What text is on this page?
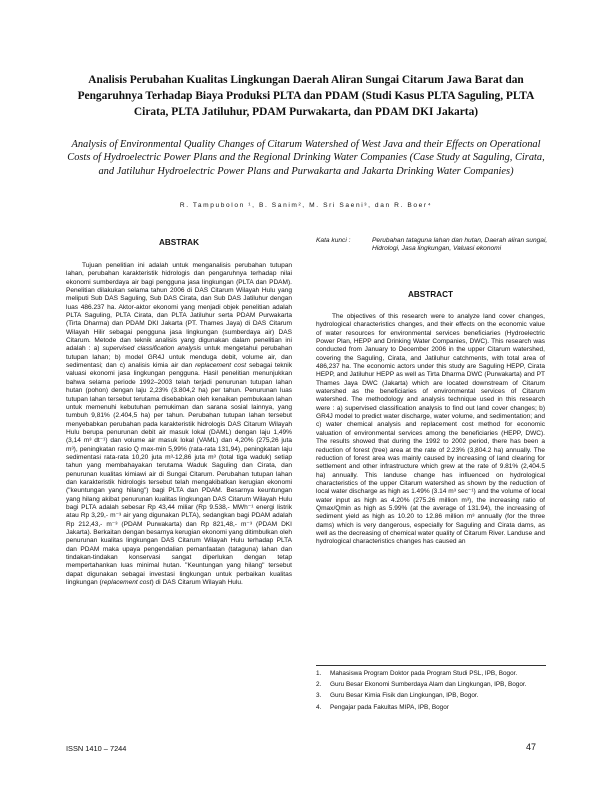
Analisis Perubahan Kualitas Lingkungan Daerah Aliran Sungai Citarum Jawa Barat dan Pengaruhnya Terhadap Biaya Produksi PLTA dan PDAM (Studi Kasus PLTA Saguling, PLTA Cirata, PLTA Jatiluhur, PDAM Purwakarta, dan PDAM DKI Jakarta)
Analysis of Environmental Quality Changes of Citarum Watershed of West Java and their Effects on Operational Costs of Hydroelectric Power Plans and the Regional Drinking Water Companies (Case Study at Saguling, Cirata, and Jatiluhur Hydroelectric Power Plans and Purwakarta and Jakarta Drinking Water Companies)
R. Tampubolon ¹, B. Sanim², M. Sri Saeni³, dan R. Boer⁴
ABSTRAK

Tujuan penelitian ini adalah untuk menganalisis perubahan tutupan lahan, perubahan karakteristik hidrologis dan pengaruhnya terhadap nilai ekonomi sumberdaya air bagi pengguna jasa lingkungan (PLTA dan PDAM). Penelitian dilakukan selama tahun 2006 di DAS Citarum Wilayah Hulu yang meliputi Sub DAS Saguling, Sub DAS Cirata, dan Sub DAS Jatiluhur dengan luas 486.237 ha. Aktor-aktor ekonomi yang menjadi objek penelitian adalah PLTA Saguling, PLTA Cirata, dan PLTA Jatiluhur serta PDAM Purwakarta (Tirta Dharma) dan PDAM DKI Jakarta (PT. Thames Jaya) di DAS Citarum Wilayah Hilir sebagai pengguna jasa lingkungan (sumberdaya air) DAS Citarum. Metode dan teknik analisis yang digunakan dalam penelitian ini adalah : a) supervised classification analysis untuk mengetahui perubahan tutupan lahan; b) model GR4J untuk menduga debit, volume air, dan sedimentasi; dan c) analisis kimia air dan replacement cost sebagai teknik valuasi ekonomi jasa lingkungan pengguna. Hasil penelitian menunjukkan bahwa selama periode 1992–2003 telah terjadi penurunan tutupan lahan hutan (pohon) dengan laju 2,23% (3.804,2 ha) per tahun. Penurunan luas tutupan lahan tersebut terutama disebabkan oleh kenaikan pembukaan lahan untuk memenuhi kebutuhan pemukiman dan sarana sosial lainnya, yang tumbuh 9,81% (2.404,5 ha) per tahun. Perubahan tutupan lahan tersebut menyebabkan perubahan pada karakteristik hidrologis DAS Citarum Wilayah Hulu berupa penurunan debit air masuk lokal (DAML) dengan laju 1,49% (3,14 m³ dt⁻¹) dan volume air masuk lokal (VAML) dan 4,20% (275,26 juta m³), peningkatan rasio Q max-min 5,99% (rata-rata 131,94), peningkatan laju sedimentasi rata-rata 10,20 juta m³-12,86 juta m³ (total tiga waduk) setiap tahun yang membahayakan terutama Waduk Saguling dan Cirata, dan penurunan kualitas kimiawi air di Sungai Citarum. Perubahan tutupan lahan dan karakteristik hidrologis tersebut telah mengakibatkan kerugian ekonomi ("keuntungan yang hilang") bagi PLTA dan PDAM. Besarnya keuntungan yang hilang akibat penurunan kualitas lingkungan DAS Citarum Wilayah Hulu bagi PLTA adalah sebesar Rp 43,44 miliar (Rp 9.538,- MWh⁻¹ energi listrik atau Rp 3,29,- m⁻³ air yang digunakan PLTA), sedangkan bagi PDAM adalah Rp 212,43,- m⁻³ (PDAM Purwakarta) dan Rp 821,48,- m⁻³ (PDAM DKI Jakarta). Berkaitan dengan besarnya kerugian ekonomi yang ditimbulkan oleh penurunan kualitas lingkungan DAS Citarum Wilayah Hulu terhadap PLTA dan PDAM maka upaya pengendalian pemanfaatan (tataguna) lahan dan tindakan-tindakan konservasi sangat diperlukan dengan tetap mempertahankan luas minimal hutan. "Keuntungan yang hilang" tersebut dapat digunakan sebagai investasi lingkungan untuk perbaikan kualitas lingkungan (replacement cost) di DAS Citarum Wilayah Hulu.

Kata kunci :	Perubahan tataguna lahan dan hutan, Daerah aliran sungai, Hidrologi, Jasa lingkungan, Valuasi ekonomi
ABSTRACT

The objectives of this research were to analyze land cover changes, hydrological characteristics changes, and their effects on the economic value of water resources for environmental services beneficiaries (Hydroelectric Power Plan, HEPP and Drinking Water Companies, DWC). This research was conducted from January to December 2006 in the upper Citarum watershed, covering the Saguling, Cirata, and Jatiluhur catchments, with total area of 486,237 ha. The economic actors under this study are Saguling HEPP, Cirata HEPP, and Jatiluhur HEPP as well as Tirta Dharma DWC (Purwakarta) and PT Thames Jaya DWC (Jakarta) which are located downstream of Citarum watershed as the beneficiaries of environmental services of Citarum watershed. The methodology and analysis technique used in this research were : a) supervised classification analysis to find out land cover changes; b) GR4J model to predict water discharge, water volume, and sedimentation; and c) water chemical analysis and replacement cost method for economic valuation of environmental services among the beneficiaries (HEPP, DWC). The results showed that during the 1992 to 2002 period, there has been a reduction of forest (tree) area at the rate of 2.23% (3,804.2 ha) annually. The reduction of forest area was mainly caused by increasing of land clearing for settlement and other infrastructure which grew at the rate of 9.81% (2,404.5 ha) annually. This landuse change has influenced on hydrological characteristics of the upper Citarum watershed as shown by the reduction of local water discharge as high as 1.49% (3.14 m³ sec⁻¹) and the volume of local water input as high as 4.20% (275.26 million m³), the increasing ratio of Qmax/Qmin as high as 5.99% (at the average of 131.94), the increasing of sediment yield as high as 10.20 to 12.86 million m³ annually (for the three dams) which is very dangerous, especially for Saguling and Cirata dams, as well as the decreasing of chemical water quality of Citarum River. Landuse and hydrological characteristics changes has caused an

1. Mahasiswa Program Doktor pada Program Studi PSL, IPB, Bogor.
2. Guru Besar Ekonomi Sumberdaya Alam dan Lingkungan, IPB, Bogor.
3. Guru Besar Kimia Fisik dan Lingkungan, IPB, Bogor.
4. Pengajar pada Fakultas MIPA, IPB, Bogor
ISSN 1410 – 7244	47
